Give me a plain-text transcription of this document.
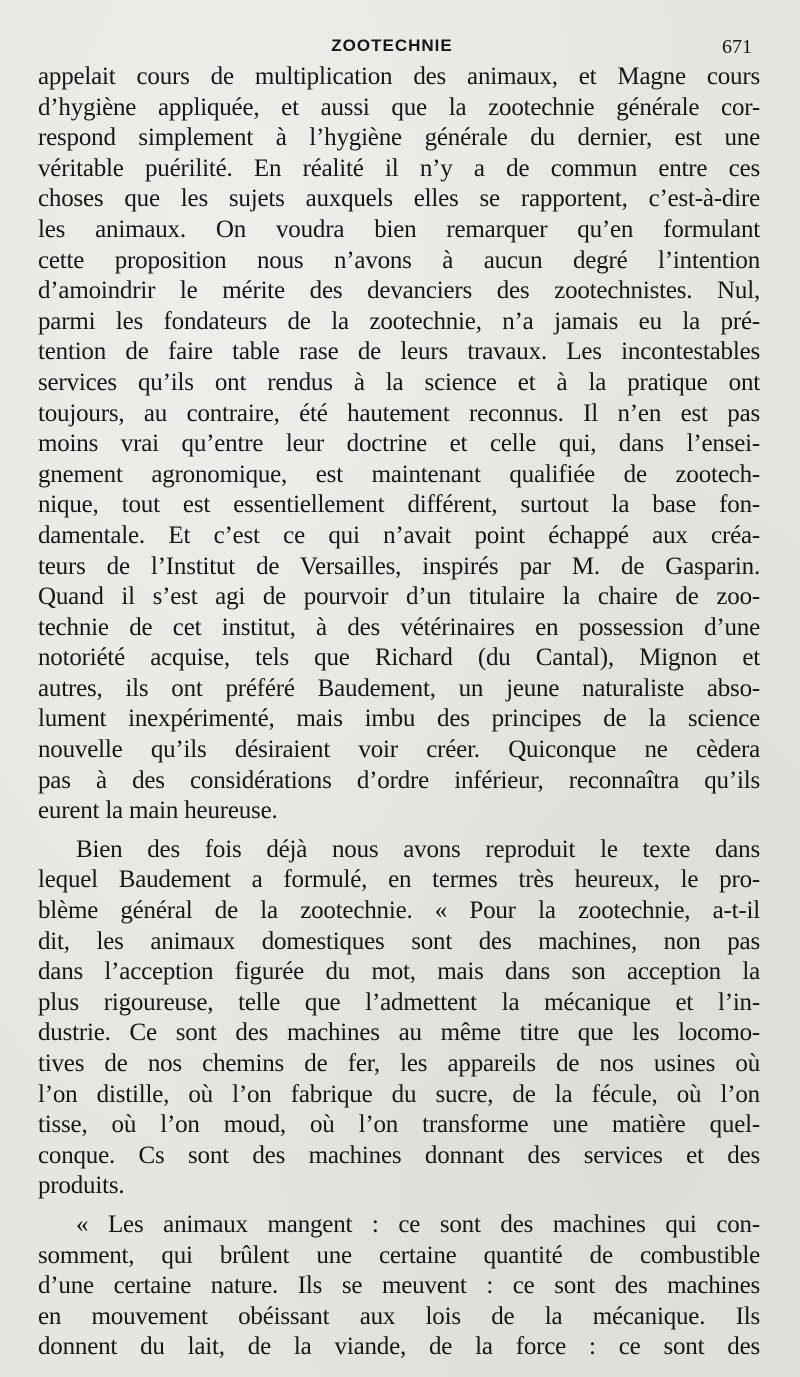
ZOOTECHNIE	671
appelait cours de multiplication des animaux, et Magne cours
d’hygiène appliquée, et aussi que la zootechnie générale cor-
respond simplement à l’hygiène générale du dernier, est une
véritable puérilité. En réalité il n’y a de commun entre ces
choses que les sujets auxquels elles se rapportent, c’est-à-dire
les animaux. On voudra bien remarquer qu’en formulant
cette proposition nous n’avons à aucun degré l’intention
d’amoindrir le mérite des devanciers des zootechnistes. Nul,
parmi les fondateurs de la zootechnie, n’a jamais eu la pré-
tention de faire table rase de leurs travaux. Les incontestables
services qu’ils ont rendus à la science et à la pratique ont
toujours, au contraire, été hautement reconnus. Il n’en est pas
moins vrai qu’entre leur doctrine et celle qui, dans l’ensei-
gnement agronomique, est maintenant qualifiée de zootech-
nique, tout est essentiellement différent, surtout la base fon-
damentale. Et c’est ce qui n’avait point échappé aux créa-
teurs de l’Institut de Versailles, inspirés par M. de Gasparin.
Quand il s’est agi de pourvoir d’un titulaire la chaire de zoo-
technie de cet institut, à des vétérinaires en possession d’une
notoriété acquise, tels que Richard (du Cantal), Mignon et
autres, ils ont préféré Baudement, un jeune naturaliste abso-
lument inexpérimenté, mais imbu des principes de la science
nouvelle qu’ils désiraient voir créer. Quiconque ne cèdera
pas à des considérations d’ordre inférieur, reconnaîtra qu’ils
eurent la main heureuse.
Bien des fois déjà nous avons reproduit le texte dans
lequel Baudement a formulé, en termes très heureux, le pro-
blème général de la zootechnie. « Pour la zootechnie, a-t-il
dit, les animaux domestiques sont des machines, non pas
dans l’acception figurée du mot, mais dans son acception la
plus rigoureuse, telle que l’admettent la mécanique et l’in-
dustrie. Ce sont des machines au même titre que les locomo-
tives de nos chemins de fer, les appareils de nos usines où
l’on distille, où l’on fabrique du sucre, de la fécule, où l’on
tisse, où l’on moud, où l’on transforme une matière quel-
conque. Cs sont des machines donnant des services et des
produits.
« Les animaux mangent : ce sont des machines qui con-
somment, qui brûlent une certaine quantité de combustible
d’une certaine nature. Ils se meuvent : ce sont des machines
en mouvement obéissant aux lois de la mécanique. Ils
donnent du lait, de la viande, de la force : ce sont des
